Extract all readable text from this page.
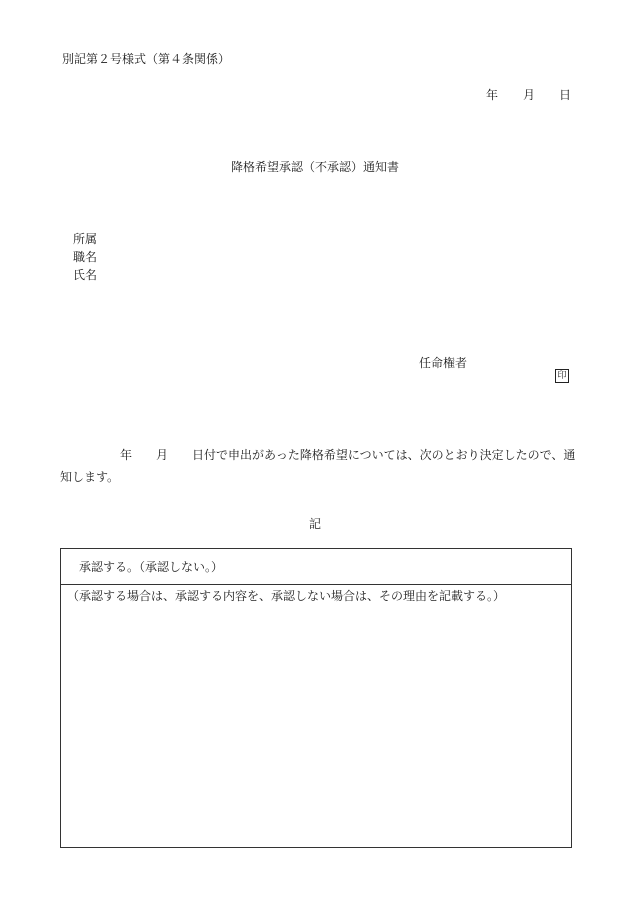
別記第２号様式（第４条関係）
年 月 日
降格希望承認（不承認）通知書
所属
職名
氏名
任命権者
印
年 月 日付で申出があった降格希望については、次のとおり決定したので、通
知します。
記
承認する。（承認しない。）
（承認する場合は、承認する内容を、承認しない場合は、その理由を記載する。）
